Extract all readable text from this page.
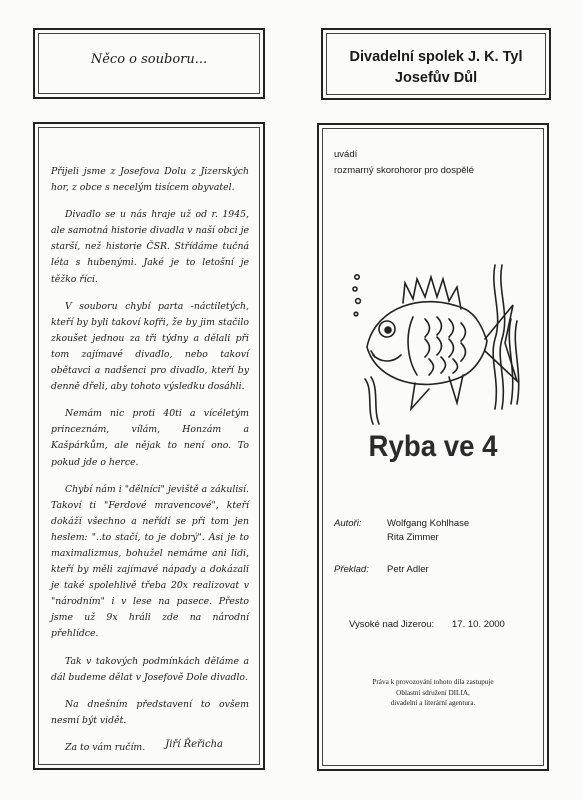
Něco o souboru...

Přijeli jsme z Josefova Dolu z Jizerských hor, z obce s necelým tisícem obyvatel.

Divadlo se u nás hraje už od r. 1945, ale samotná historie divadla v naší obci je starší, než historie ČSR. Střídáme tučná léta s hubenými. Jaké je to letošní je těžko říci.

V souboru chybí parta -náctiletých, kteří by byli takoví kofři, že by jim stačilo zkoušet jednou za tři týdny a dělali při tom zajímavé divadlo, nebo takoví obětavci a nadšenci pro divadlo, kteří by denně dřeli, aby tohoto výsledku dosáhli.

Nemám nic proti 40ti a vícéletým princeznám, vílám, Honzám a Kašpárkům, ale nějak to není ono. To pokud jde o herce.

Chybí nám i "dělníci" jeviště a zákulisí. Takoví ti "Ferdové mravencové", kteří dokáží všechno a neřídí se při tom jen heslem: "..to stačí, to je dobrý". Asi je to maximalizmus, bohužel nemáme ani lidi, kteří by měli zajímavé nápady a dokázali je také spolehlivě třeba 20x realizovat v "národním" i v lese na pasece. Přesto jsme už 9x hráli zde na národní přehlídce.

Tak v takových podmínkách děláme a dál budeme dělat v Josefově Dole divadlo.

Na dnešním představení to ovšem nesmí být vidět.

Za to vám ručím.	Jiří Řeřicha
Divadelní spolek J. K. Tyl
Josefův Důl
uvádí
rozmarný skorohoror pro dospělé
Ryba ve 4
Autoři:	Wolfgang Kohlhase
Rita Zimmer
Překlad: Petr Adler
Vysoké nad Jizerou: 17. 10. 2000
Práva k provozování tohoto díla zastupuje
Oblastní sdružení DILIA,
divadelní a literární agentura.
